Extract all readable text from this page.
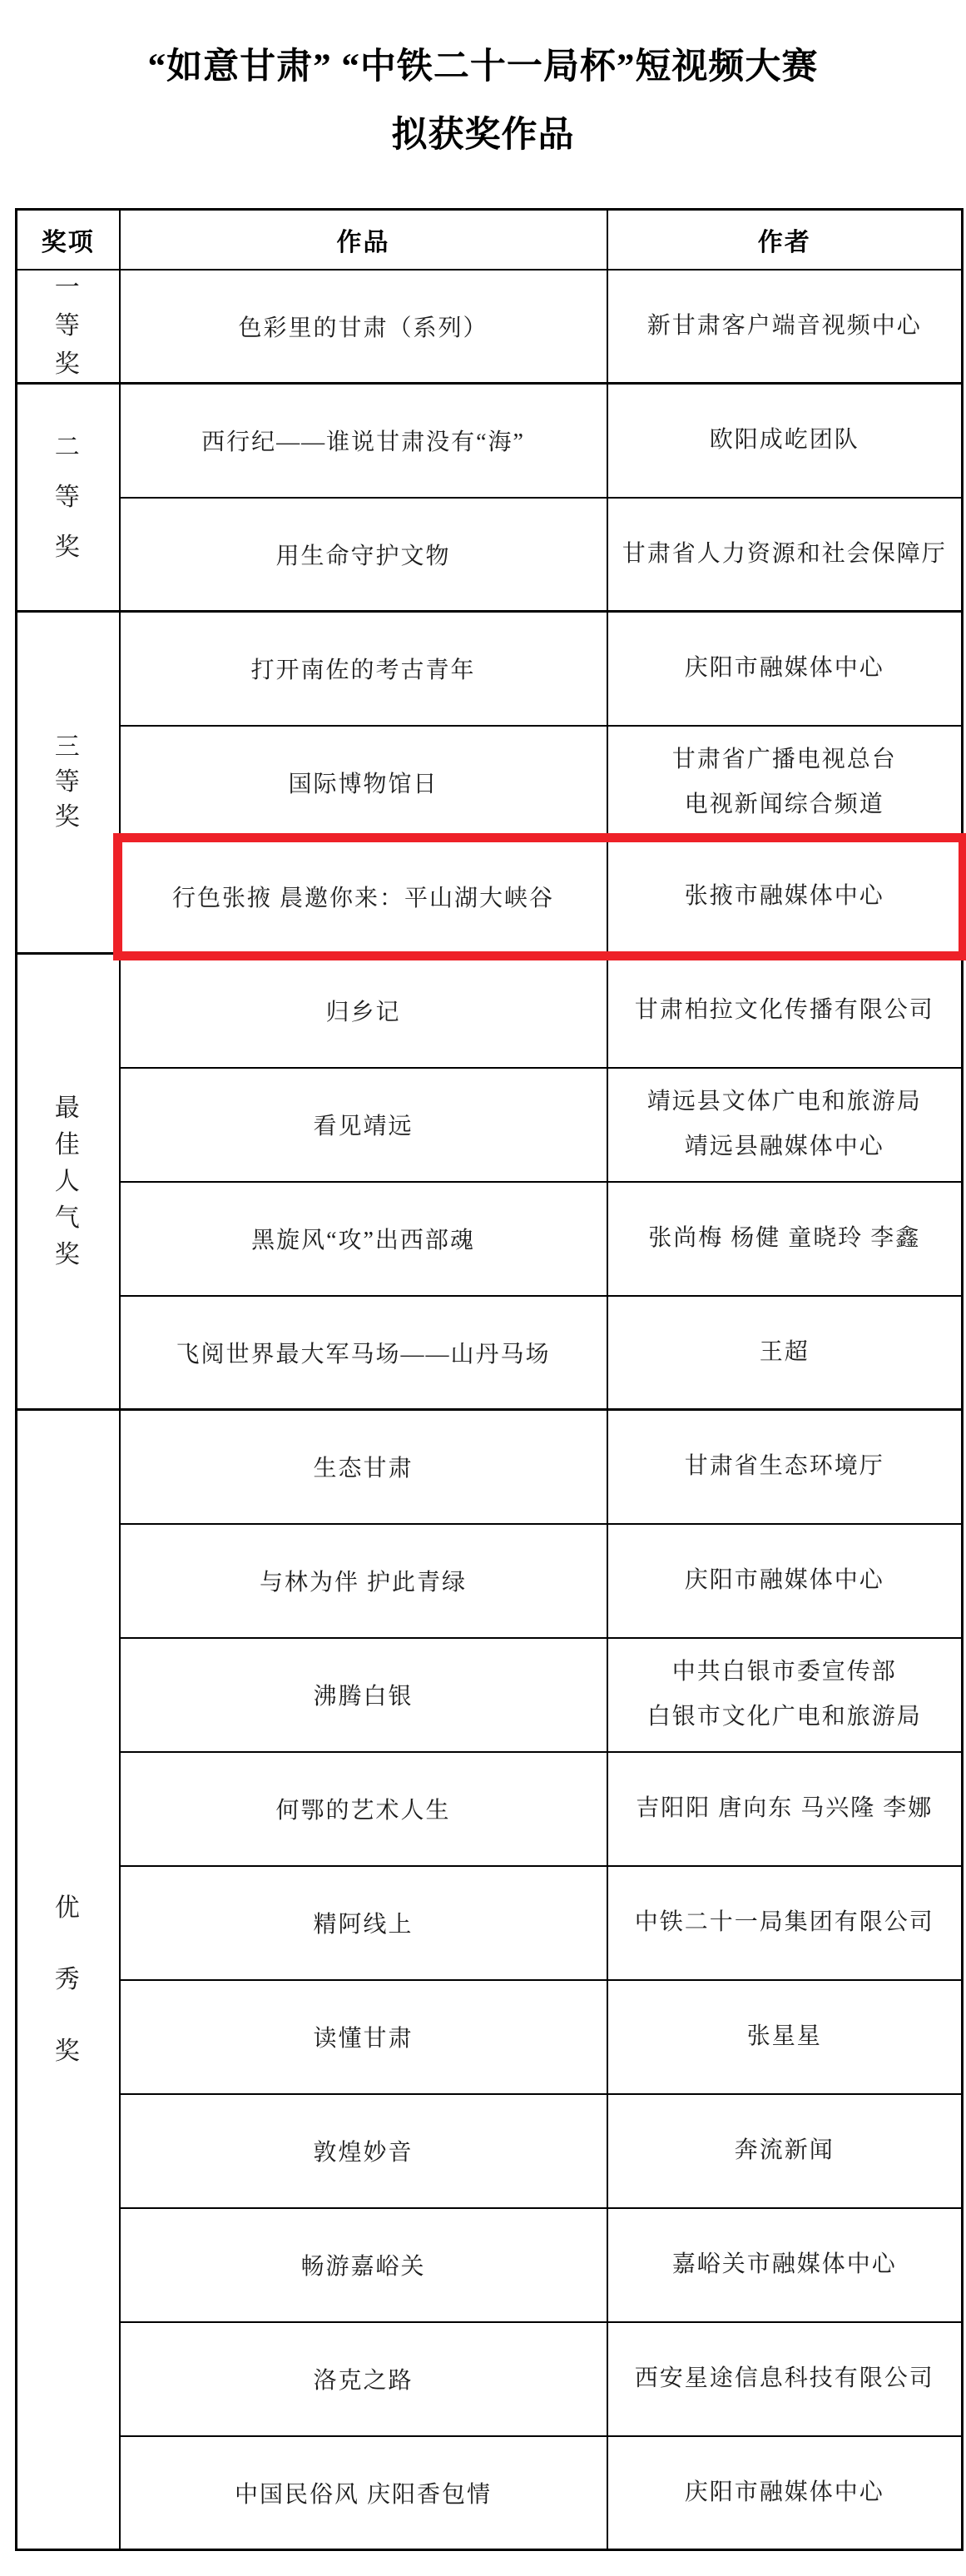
“如意甘肃” “中铁二十一局杯”短视频大赛
拟获奖作品
奖项	作品	作者

一
等
奖	色彩里的甘肃（系列）	新甘肃客户端音视频中心

二
等
奖	西行纪——谁说甘肃没有“海”	欧阳成屹团队

	用生命守护文物	甘肃省人力资源和社会保障厅

三
等
奖	打开南佐的考古青年	庆阳市融媒体中心

	国际博物馆日	甘肃省广播电视总台
电视新闻综合频道

	行色张掖 晨邀你来：平山湖大峡谷	张掖市融媒体中心

最
佳
人
气
奖	归乡记	甘肃柏拉文化传播有限公司

	看见靖远	靖远县文体广电和旅游局
靖远县融媒体中心

	黑旋风“攻”出西部魂	张尚梅 杨健 童晓玲 李鑫

	飞阅世界最大军马场——山丹马场	王超

优
秀
奖	生态甘肃	甘肃省生态环境厅

	与林为伴 护此青绿	庆阳市融媒体中心

	沸腾白银	中共白银市委宣传部
白银市文化广电和旅游局

	何鄂的艺术人生	吉阳阳 唐向东 马兴隆 李娜

	精阿线上	中铁二十一局集团有限公司

	读懂甘肃	张星星

	敦煌妙音	奔流新闻

	畅游嘉峪关	嘉峪关市融媒体中心

	洛克之路	西安星途信息科技有限公司

	中国民俗风 庆阳香包情	庆阳市融媒体中心
